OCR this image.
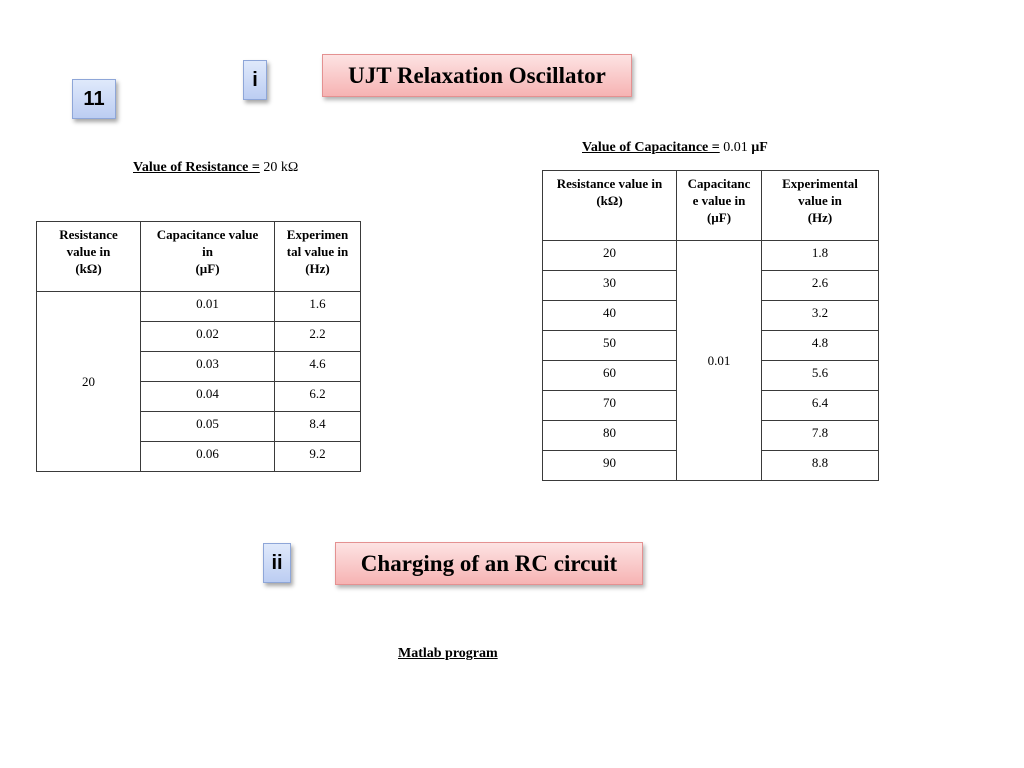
11
i	UJT Relaxation Oscillator
Value of Resistance = 20 kΩ
Resistance
value in
(kΩ)	Capacitance value
in
(µF)	Experimen
tal value in
(Hz)
20	0.01	1.6
	0.02	2.2
	0.03	4.6
	0.04	6.2
	0.05	8.4
	0.06	9.2
Value of Capacitance = 0.01 µF
Resistance value in
(kΩ)	Capacitanc
e value in
(µF)	Experimental
value in
(Hz)
20	0.01	1.8
30		2.6
40		3.2
50		4.8
60		5.6
70		6.4
80		7.8
90		8.8
ii	Charging of an RC circuit
Matlab program
